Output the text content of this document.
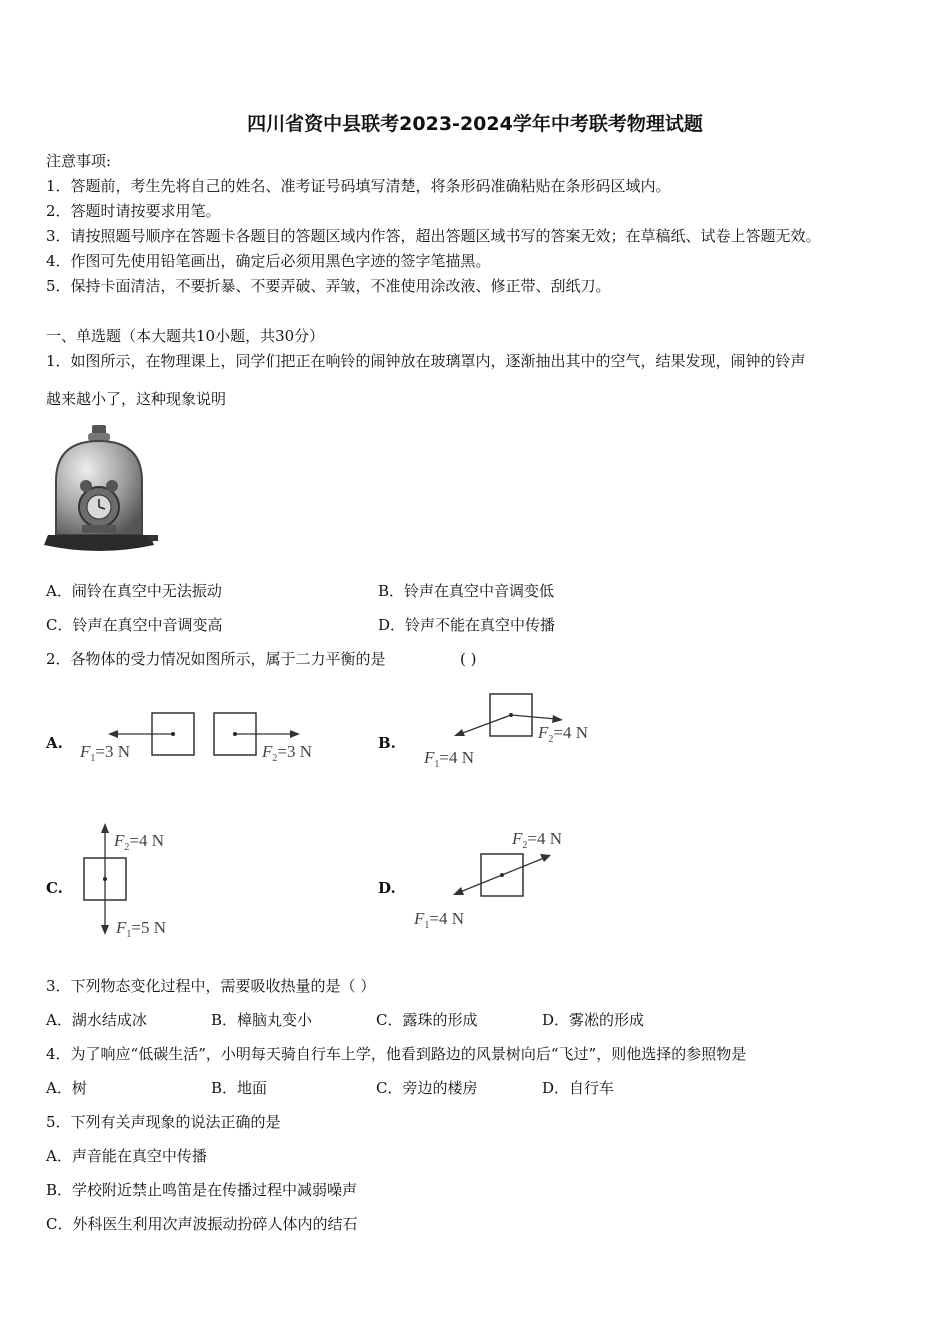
四川省资中县联考2023-2024学年中考联考物理试题
注意事项:
1．答题前，考生先将自己的姓名、准考证号码填写清楚，将条形码准确粘贴在条形码区域内。
2．答题时请按要求用笔。
3．请按照题号顺序在答题卡各题目的答题区域内作答，超出答题区域书写的答案无效；在草稿纸、试卷上答题无效。
4．作图可先使用铅笔画出，确定后必须用黑色字迹的签字笔描黑。
5．保持卡面清洁，不要折暴、不要弄破、弄皱，不准使用涂改液、修正带、刮纸刀。
一、单选题（本大题共10小题，共30分）
1．如图所示，在物理课上，同学们把正在响铃的闹钟放在玻璃罩内，逐渐抽出其中的空气，结果发现，闹钟的铃声
越来越小了，这种现象说明
A．闹铃在真空中无法振动	B．铃声在真空中音调变低
C．铃声在真空中音调变高	D．铃声不能在真空中传播
2．各物体的受力情况如图所示，属于二力平衡的是	( )
A.	B.
C.	D.
$F_1=3$ N	$F_2=3$ N	$F_1=4$ N
$F_2=4$ N
$F_2=4$ N
$F_1=5$ N
$F_2=4$ N
$F_1=4$ N
3．下列物态变化过程中，需要吸收热量的是（ ）
A．湖水结成冰	B．樟脑丸变小	C．露珠的形成	D．雾凇的形成
4．为了响应“低碳生活”，小明每天骑自行车上学，他看到路边的风景树向后“飞过”，则他选择的参照物是
A．树	B．地面	C．旁边的楼房	D．自行车
5．下列有关声现象的说法正确的是
A．声音能在真空中传播
B．学校附近禁止鸣笛是在传播过程中减弱噪声
C．外科医生利用次声波振动扮碎人体内的结石
